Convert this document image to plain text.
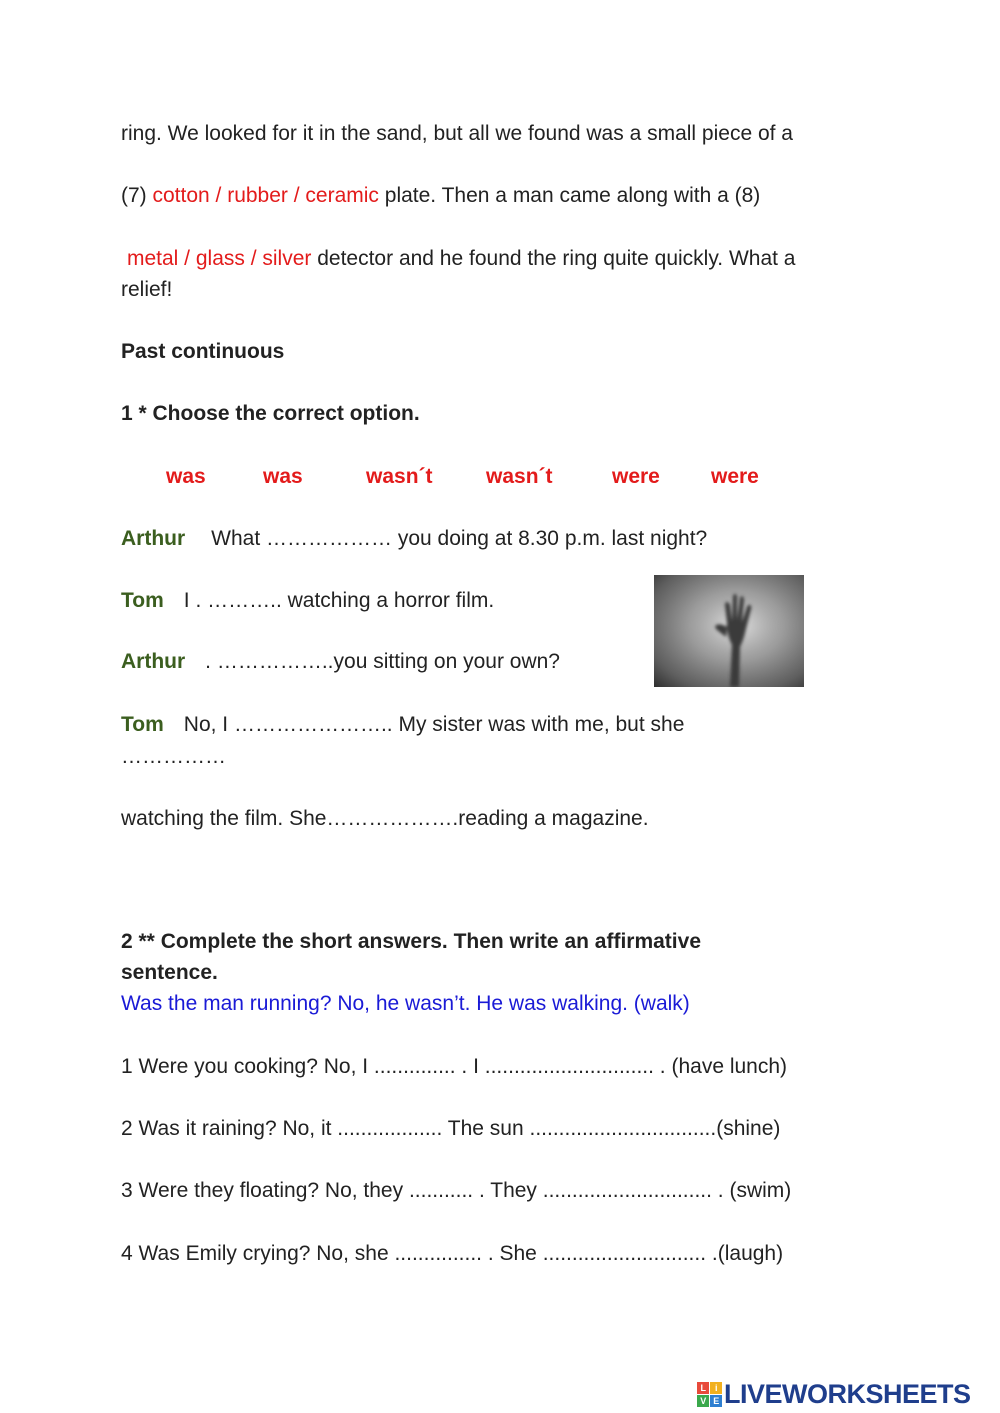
ring. We looked for it in the sand, but all we found was a small piece of a
(7) cotton / rubber / ceramic plate. Then a man came along with a (8)
metal / glass / silver detector and he found the ring quite quickly. What a
relief!
Past continuous
1 * Choose the correct option.
was	was	wasn´t	wasn´t	were were
Arthur What ……………… you doing at 8.30 p.m. last night?
Tom I . ……….. watching a horror film.
Arthur . ……………..you sitting on your own?
Tom No, I ………………….. My sister was with me, but she
……………
watching the film. She……………….reading a magazine.
2 ** Complete the short answers. Then write an affirmative
sentence.
Was the man running? No, he wasn’t. He was walking. (walk)
1 Were you cooking? No, I .............. . I ............................. . (have lunch)
2 Was it raining? No, it .................. The sun ................................(shine)
3 Were they floating? No, they ........... . They ............................. . (swim)
4 Was Emily crying? No, she ............... . She ............................ .(laugh)
L	i
V E LIVEWORKSHEETS
